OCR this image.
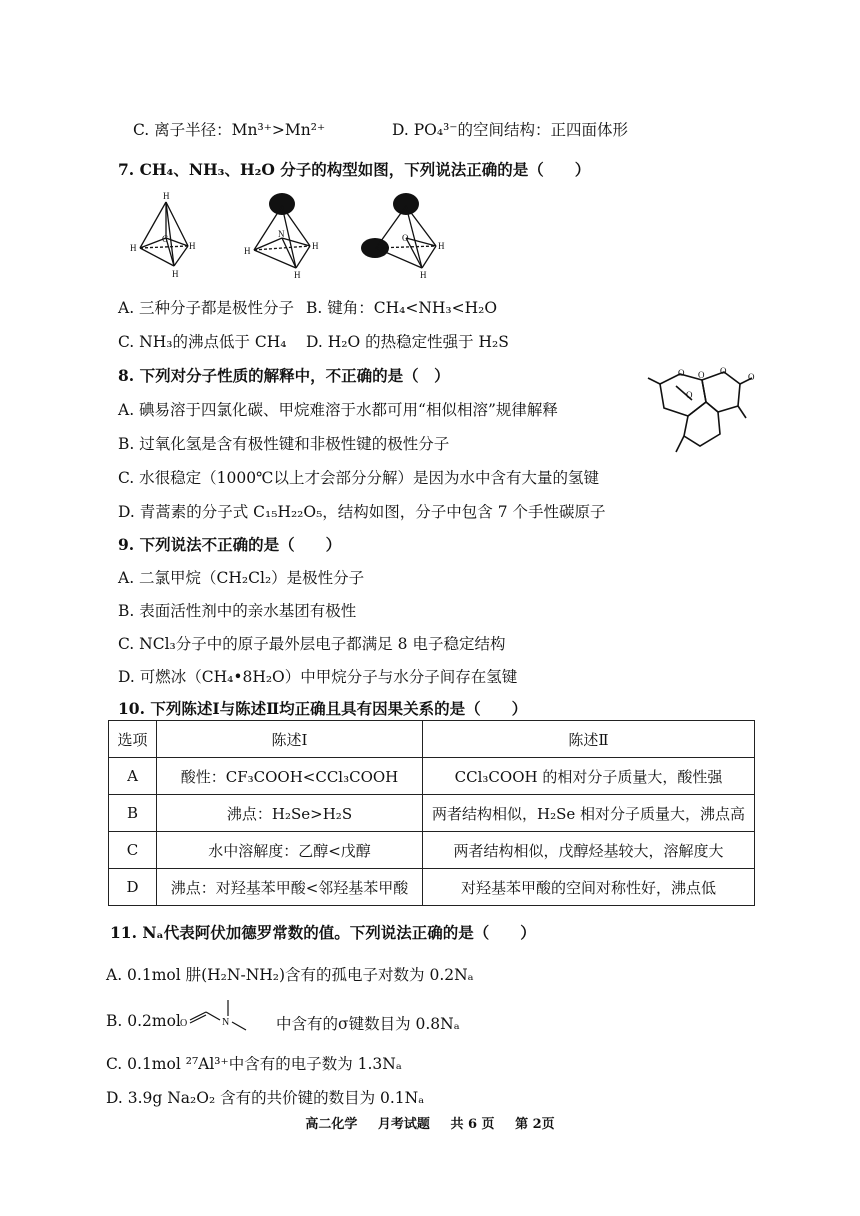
C. 离子半径：Mn³⁺>Mn²⁺	D. PO₄³⁻的空间结构：正四面体形
7. CH₄、NH₃、H₂O 分子的构型如图，下列说法正确的是（　　）
H
C
H	H
H
N
H	H
H
O
H
H
A. 三种分子都是极性分子 B. 键角：CH₄<NH₃<H₂O
C. NH₃的沸点低于 CH₄ D. H₂O 的热稳定性强于 H₂S
8. 下列对分子性质的解释中，不正确的是（　）	O O O
O
O
A. 碘易溶于四氯化碳、甲烷难溶于水都可用“相似相溶”规律解释
B. 过氧化氢是含有极性键和非极性键的极性分子
C. 水很稳定（1000℃以上才会部分分解）是因为水中含有大量的氢键
D. 青蒿素的分子式 C₁₅H₂₂O₅，结构如图，分子中包含 7 个手性碳原子
9. 下列说法不正确的是（　　）
A. 二氯甲烷（CH₂Cl₂）是极性分子
B. 表面活性剂中的亲水基团有极性
C. NCl₃分子中的原子最外层电子都满足 8 电子稳定结构
D. 可燃冰（CH₄•8H₂O）中甲烷分子与水分子间存在氢键
10. 下列陈述Ⅰ与陈述Ⅱ均正确且具有因果关系的是（　　）
选项	陈述Ⅰ	陈述Ⅱ
A	酸性：CF₃COOH<CCl₃COOH	CCl₃COOH 的相对分子质量大，酸性强
B	沸点：H₂Se>H₂S	两者结构相似，H₂Se 相对分子质量大，沸点高
C	水中溶解度：乙醇<戊醇	两者结构相似，戊醇烃基较大，溶解度大
D	沸点：对羟基苯甲酸<邻羟基苯甲酸	对羟基苯甲酸的空间对称性好，沸点低
11. Nₐ代表阿伏加德罗常数的值。下列说法正确的是（　　）
A. 0.1mol 肼(H₂N-NH₂)含有的孤电子对数为 0.2Nₐ
B. 0.2mol O	N	中含有的σ键数目为 0.8Nₐ
C. 0.1mol ²⁷Al³⁺中含有的电子数为 1.3Nₐ
D. 3.9g Na₂O₂ 含有的共价键的数目为 0.1Nₐ
高二化学 月考试题 共 6 页 第 2页
